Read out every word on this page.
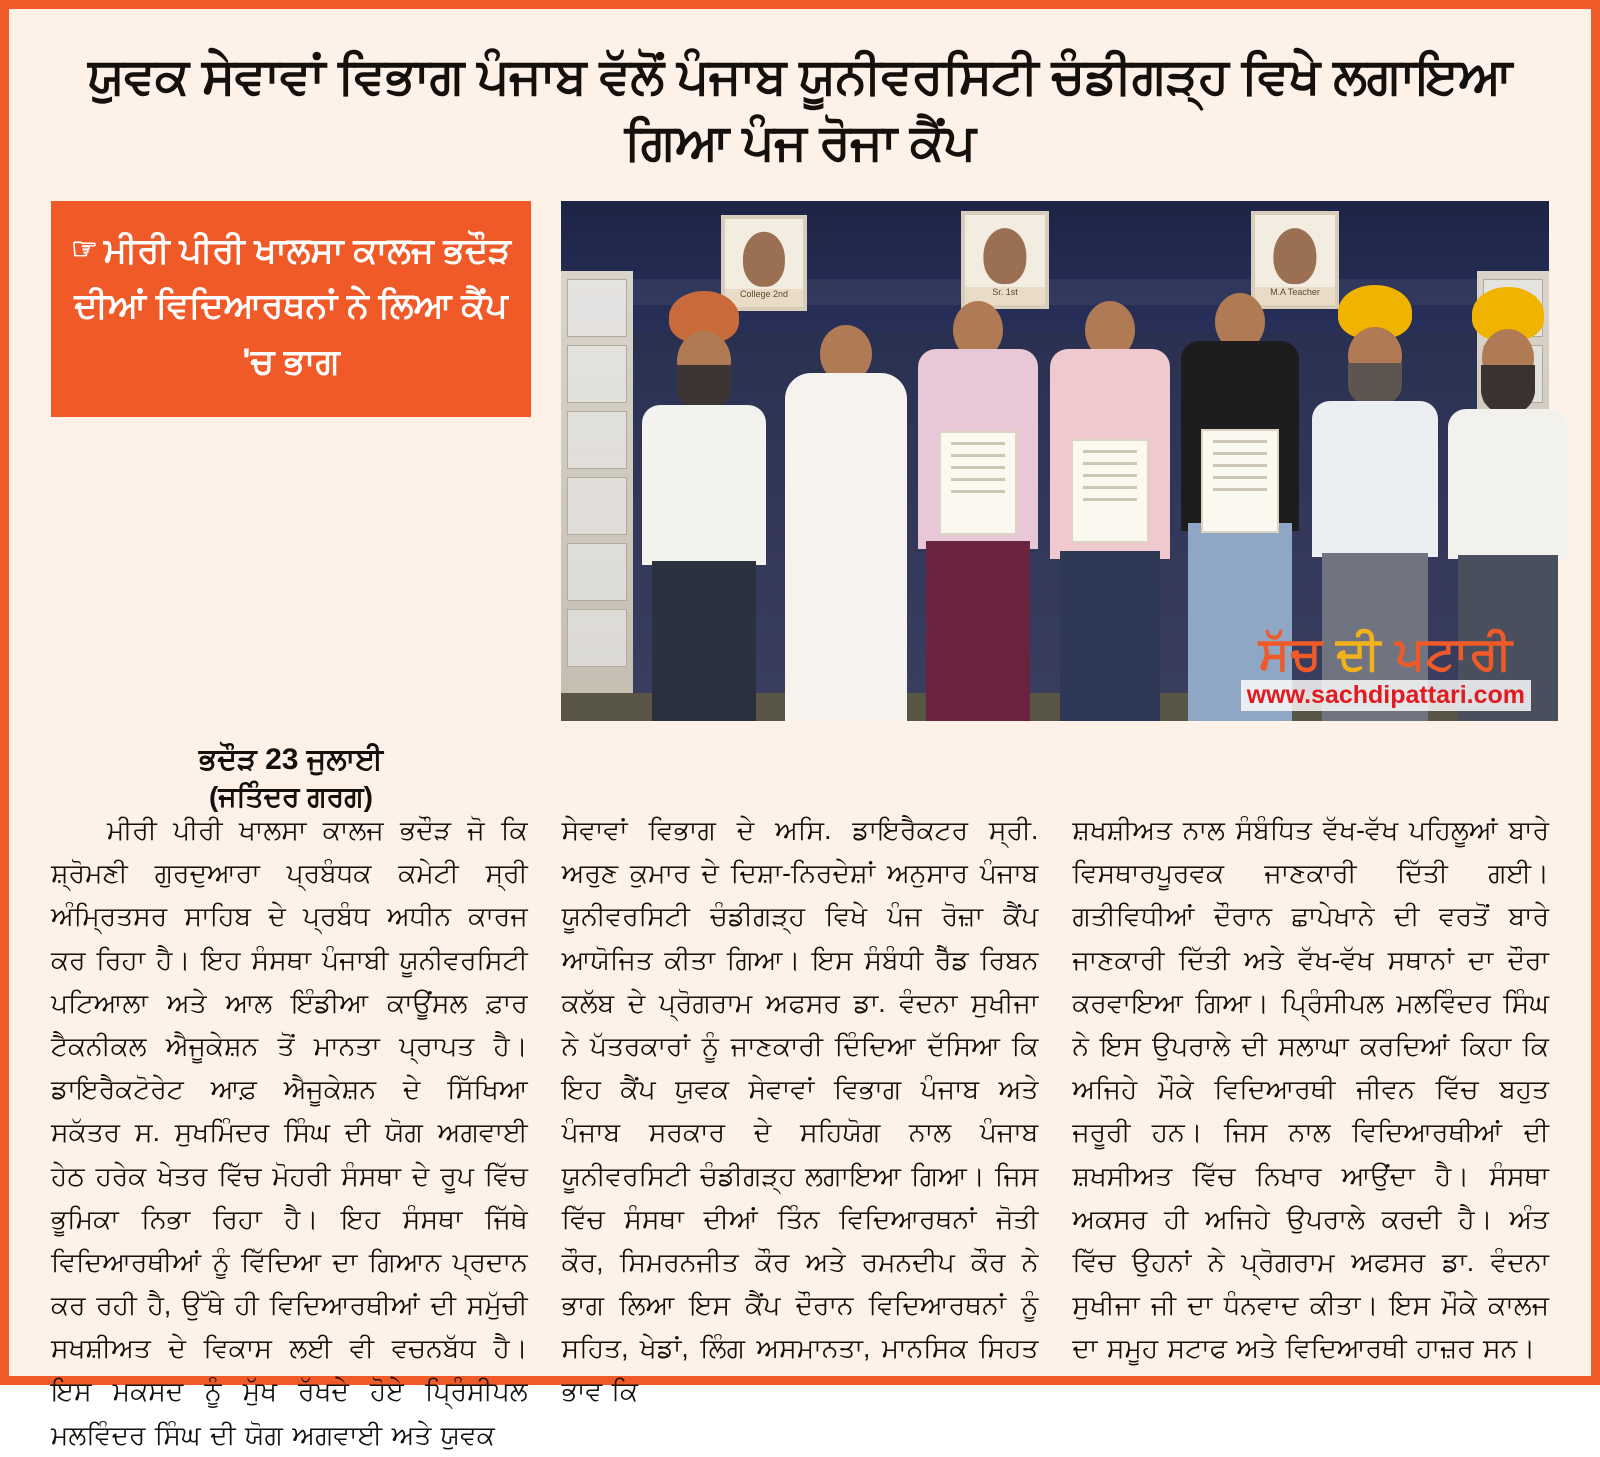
ਯੁਵਕ ਸੇਵਾਵਾਂ ਵਿਭਾਗ ਪੰਜਾਬ ਵੱਲੋਂ ਪੰਜਾਬ ਯੂਨੀਵਰਸਿਟੀ ਚੰਡੀਗੜ੍ਹ ਵਿਖੇ ਲਗਾਇਆ ਗਿਆ ਪੰਜ ਰੋਜਾ ਕੈਂਪ
☞ ਮੀਰੀ ਪੀਰੀ ਖਾਲਸਾ ਕਾਲਜ ਭਦੌੜ ਦੀਆਂ ਵਿਦਿਆਰਥਨਾਂ ਨੇ ਲਿਆ ਕੈਂਪ 'ਚ ਭਾਗ
College 2nd	Sr. 1st	M.A Teacher
ਸੱਚ ਦੀ ਪਟਾਰੀ
www.sachdipattari.com
ਭਦੌੜ 23 ਜੁਲਾਈ
(ਜਤਿੰਦਰ ਗਰਗ)

ਮੀਰੀ ਪੀਰੀ ਖਾਲਸਾ ਕਾਲਜ ਭਦੌੜ ਜੋ ਕਿ ਸ਼੍ਰੋਮਣੀ ਗੁਰਦੁਆਰਾ ਪ੍ਰਬੰਧਕ ਕਮੇਟੀ ਸ੍ਰੀ ਅੰਮ੍ਰਿਤਸਰ ਸਾਹਿਬ ਦੇ ਪ੍ਰਬੰਧ ਅਧੀਨ ਕਾਰਜ ਕਰ ਰਿਹਾ ਹੈ। ਇਹ ਸੰਸਥਾ ਪੰਜਾਬੀ ਯੂਨੀਵਰਸਿਟੀ ਪਟਿਆਲਾ ਅਤੇ ਆਲ ਇੰਡੀਆ ਕਾਊਂਸਲ ਫ਼ਾਰ ਟੈਕਨੀਕਲ ਐਜੂਕੇਸ਼ਨ ਤੋਂ ਮਾਨਤਾ ਪ੍ਰਾਪਤ ਹੈ। ਡਾਇਰੈਕਟੋਰੇਟ ਆਫ਼ ਐਜੂਕੇਸ਼ਨ ਦੇ ਸਿੱਖਿਆ ਸਕੱਤਰ ਸ. ਸੁਖਮਿੰਦਰ ਸਿੰਘ ਦੀ ਯੋਗ ਅਗਵਾਈ ਹੇਠ ਹਰੇਕ ਖੇਤਰ ਵਿੱਚ ਮੋਹਰੀ ਸੰਸਥਾ ਦੇ ਰੂਪ ਵਿੱਚ ਭੂਮਿਕਾ ਨਿਭਾ ਰਿਹਾ ਹੈ। ਇਹ ਸੰਸਥਾ ਜਿੱਥੇ ਵਿਦਿਆਰਥੀਆਂ ਨੂੰ ਵਿੱਦਿਆ ਦਾ ਗਿਆਨ ਪ੍ਰਦਾਨ ਕਰ ਰਹੀ ਹੈ, ਉੱਥੇ ਹੀ ਵਿਦਿਆਰਥੀਆਂ ਦੀ ਸਮੁੱਚੀ ਸਖਸ਼ੀਅਤ ਦੇ ਵਿਕਾਸ ਲਈ ਵੀ ਵਚਨਬੱਧ ਹੈ। ਇਸ ਮਕਸਦ ਨੂੰ ਮੁੱਖ ਰੱਖਦੇ ਹੋਏ ਪ੍ਰਿੰਸੀਪਲ ਮਲਵਿੰਦਰ ਸਿੰਘ ਦੀ ਯੋਗ ਅਗਵਾਈ ਅਤੇ ਯੁਵਕ

ਸੇਵਾਵਾਂ ਵਿਭਾਗ ਦੇ ਅਸਿ. ਡਾਇਰੈਕਟਰ ਸ੍ਰੀ. ਅਰੁਣ ਕੁਮਾਰ ਦੇ ਦਿਸ਼ਾ-ਨਿਰਦੇਸ਼ਾਂ ਅਨੁਸਾਰ ਪੰਜਾਬ ਯੂਨੀਵਰਸਿਟੀ ਚੰਡੀਗੜ੍ਹ ਵਿਖੇ ਪੰਜ ਰੋਜ਼ਾ ਕੈਂਪ ਆਯੋਜਿਤ ਕੀਤਾ ਗਿਆ। ਇਸ ਸੰਬੰਧੀ ਰੈੱਡ ਰਿਬਨ ਕਲੱਬ ਦੇ ਪ੍ਰੋਗਰਾਮ ਅਫਸਰ ਡਾ. ਵੰਦਨਾ ਸੁਖੀਜਾ ਨੇ ਪੱਤਰਕਾਰਾਂ ਨੂੰ ਜਾਣਕਾਰੀ ਦਿੰਦਿਆ ਦੱਸਿਆ ਕਿ ਇਹ ਕੈਂਪ ਯੁਵਕ ਸੇਵਾਵਾਂ ਵਿਭਾਗ ਪੰਜਾਬ ਅਤੇ ਪੰਜਾਬ ਸਰਕਾਰ ਦੇ ਸਹਿਯੋਗ ਨਾਲ ਪੰਜਾਬ ਯੂਨੀਵਰਸਿਟੀ ਚੰਡੀਗੜ੍ਹ ਲਗਾਇਆ ਗਿਆ। ਜਿਸ ਵਿੱਚ ਸੰਸਥਾ ਦੀਆਂ ਤਿੰਨ ਵਿਦਿਆਰਥਨਾਂ ਜੋਤੀ ਕੌਰ, ਸਿਮਰਨਜੀਤ ਕੌਰ ਅਤੇ ਰਮਨਦੀਪ ਕੌਰ ਨੇ ਭਾਗ ਲਿਆ ਇਸ ਕੈਂਪ ਦੌਰਾਨ ਵਿਦਿਆਰਥਨਾਂ ਨੂੰ ਸਹਿਤ, ਖੇਡਾਂ, ਲਿੰਗ ਅਸਮਾਨਤਾ, ਮਾਨਸਿਕ ਸਿਹਤ ਭਾਵ ਕਿ

ਸ਼ਖਸ਼ੀਅਤ ਨਾਲ ਸੰਬੰਧਿਤ ਵੱਖ-ਵੱਖ ਪਹਿਲੂਆਂ ਬਾਰੇ ਵਿਸਥਾਰਪੂਰਵਕ ਜਾਣਕਾਰੀ ਦਿੱਤੀ ਗਈ। ਗਤੀਵਿਧੀਆਂ ਦੌਰਾਨ ਛਾਪੇਖਾਨੇ ਦੀ ਵਰਤੋਂ ਬਾਰੇ ਜਾਣਕਾਰੀ ਦਿੱਤੀ ਅਤੇ ਵੱਖ-ਵੱਖ ਸਥਾਨਾਂ ਦਾ ਦੌਰਾ ਕਰਵਾਇਆ ਗਿਆ। ਪ੍ਰਿੰਸੀਪਲ ਮਲਵਿੰਦਰ ਸਿੰਘ ਨੇ ਇਸ ਉਪਰਾਲੇ ਦੀ ਸਲਾਘਾ ਕਰਦਿਆਂ ਕਿਹਾ ਕਿ ਅਜਿਹੇ ਮੌਕੇ ਵਿਦਿਆਰਥੀ ਜੀਵਨ ਵਿੱਚ ਬਹੁਤ ਜਰੂਰੀ ਹਨ। ਜਿਸ ਨਾਲ ਵਿਦਿਆਰਥੀਆਂ ਦੀ ਸ਼ਖਸੀਅਤ ਵਿੱਚ ਨਿਖਾਰ ਆਉਂਦਾ ਹੈ। ਸੰਸਥਾ ਅਕਸਰ ਹੀ ਅਜਿਹੇ ਉਪਰਾਲੇ ਕਰਦੀ ਹੈ। ਅੰਤ ਵਿੱਚ ਉਹਨਾਂ ਨੇ ਪ੍ਰੋਗਰਾਮ ਅਫਸਰ ਡਾ. ਵੰਦਨਾ ਸੁਖੀਜਾ ਜੀ ਦਾ ਧੰਨਵਾਦ ਕੀਤਾ। ਇਸ ਮੌਕੇ ਕਾਲਜ ਦਾ ਸਮੂਹ ਸਟਾਫ ਅਤੇ ਵਿਦਿਆਰਥੀ ਹਾਜ਼ਰ ਸਨ।
